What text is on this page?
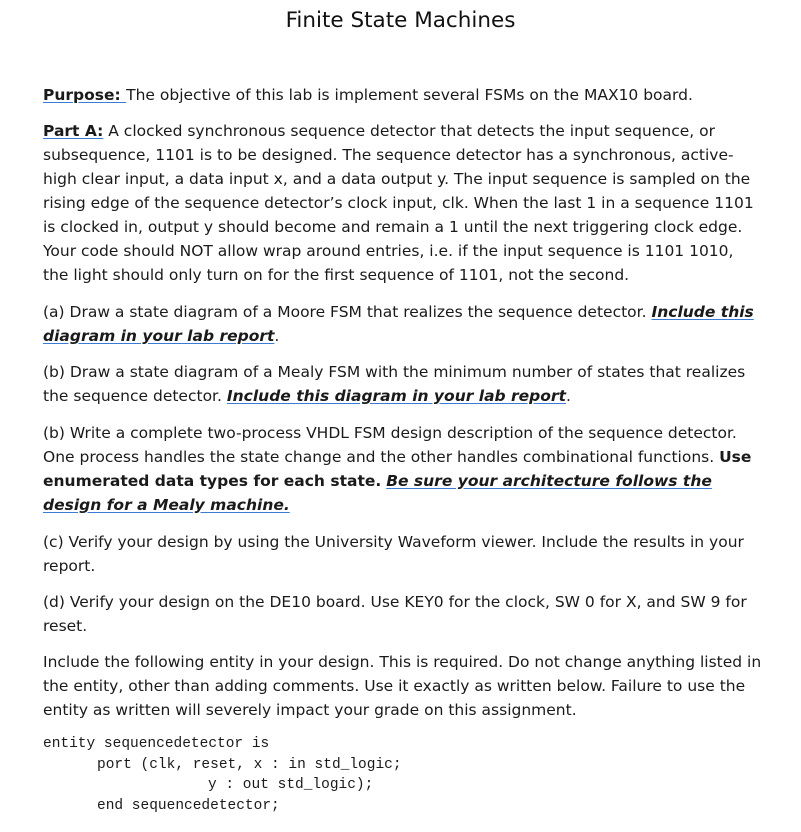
Finite State Machines

Purpose: The objective of this lab is implement several FSMs on the MAX10 board.

Part A: A clocked synchronous sequence detector that detects the input sequence, or subsequence, 1101 is to be designed. The sequence detector has a synchronous, active-high clear input, a data input x, and a data output y. The input sequence is sampled on the rising edge of the sequence detector’s clock input, clk. When the last 1 in a sequence 1101 is clocked in, output y should become and remain a 1 until the next triggering clock edge. Your code should NOT allow wrap around entries, i.e. if the input sequence is 1101 1010, the light should only turn on for the first sequence of 1101, not the second.

(a) Draw a state diagram of a Moore FSM that realizes the sequence detector. Include this diagram in your lab report.

(b) Draw a state diagram of a Mealy FSM with the minimum number of states that realizes the sequence detector. Include this diagram in your lab report.

(b) Write a complete two-process VHDL FSM design description of the sequence detector. One process handles the state change and the other handles combinational functions. Use enumerated data types for each state. Be sure your architecture follows the design for a Mealy machine.

(c) Verify your design by using the University Waveform viewer. Include the results in your report.

(d) Verify your design on the DE10 board. Use KEY0 for the clock, SW 0 for X, and SW 9 for reset.

Include the following entity in your design. This is required. Do not change anything listed in the entity, other than adding comments. Use it exactly as written below. Failure to use the entity as written will severely impact your grade on this assignment.

entity sequencedetector is
port (clk, reset, x : in std_logic;
y : out std_logic);
end sequencedetector;
